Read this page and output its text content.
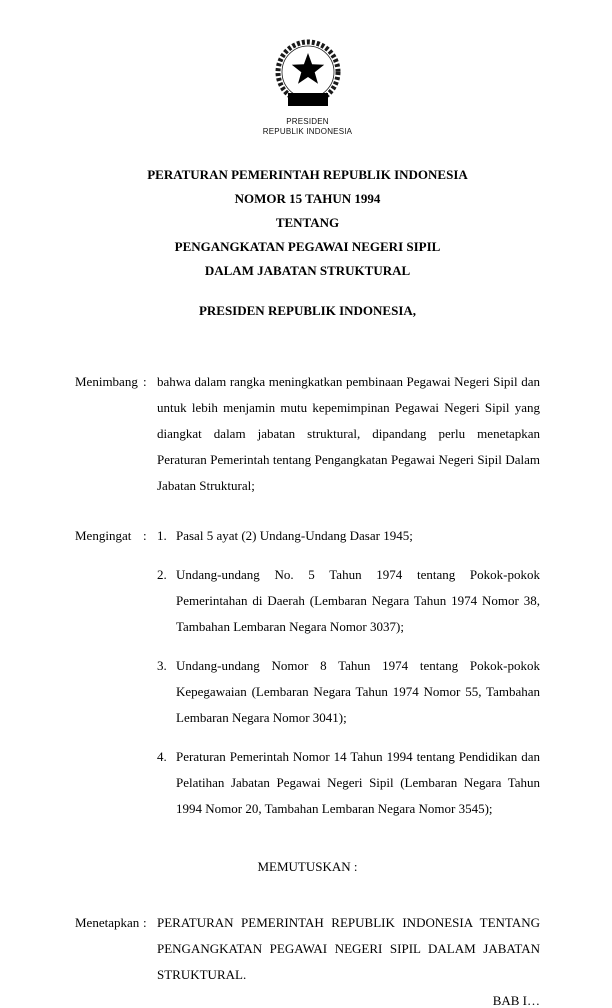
PRESIDEN
REPUBLIK INDONESIA
PERATURAN PEMERINTAH REPUBLIK INDONESIA
NOMOR 15 TAHUN 1994
TENTANG
PENGANGKATAN PEGAWAI NEGERI SIPIL
DALAM JABATAN STRUKTURAL
PRESIDEN REPUBLIK INDONESIA,
Menimbang : bahwa dalam rangka meningkatkan pembinaan Pegawai Negeri Sipil dan untuk lebih menjamin mutu kepemimpinan Pegawai Negeri Sipil yang diangkat dalam jabatan struktural, dipandang perlu menetapkan Peraturan Pemerintah tentang Pengangkatan Pegawai Negeri Sipil Dalam Jabatan Struktural;
Mengingat : 1. Pasal 5 ayat (2) Undang-Undang Dasar 1945;
2. Undang-undang No. 5 Tahun 1974 tentang Pokok-pokok Pemerintahan di Daerah (Lembaran Negara Tahun 1974 Nomor 38, Tambahan Lembaran Negara Nomor 3037);
3. Undang-undang Nomor 8 Tahun 1974 tentang Pokok-pokok Kepegawaian (Lembaran Negara Tahun 1974 Nomor 55, Tambahan Lembaran Negara Nomor 3041);
4. Peraturan Pemerintah Nomor 14 Tahun 1994 tentang Pendidikan dan Pelatihan Jabatan Pegawai Negeri Sipil (Lembaran Negara Tahun 1994 Nomor 20, Tambahan Lembaran Negara Nomor 3545);
MEMUTUSKAN :
Menetapkan : PERATURAN PEMERINTAH REPUBLIK INDONESIA TENTANG PENGANGKATAN PEGAWAI NEGERI SIPIL DALAM JABATAN STRUKTURAL.
BAB I…
